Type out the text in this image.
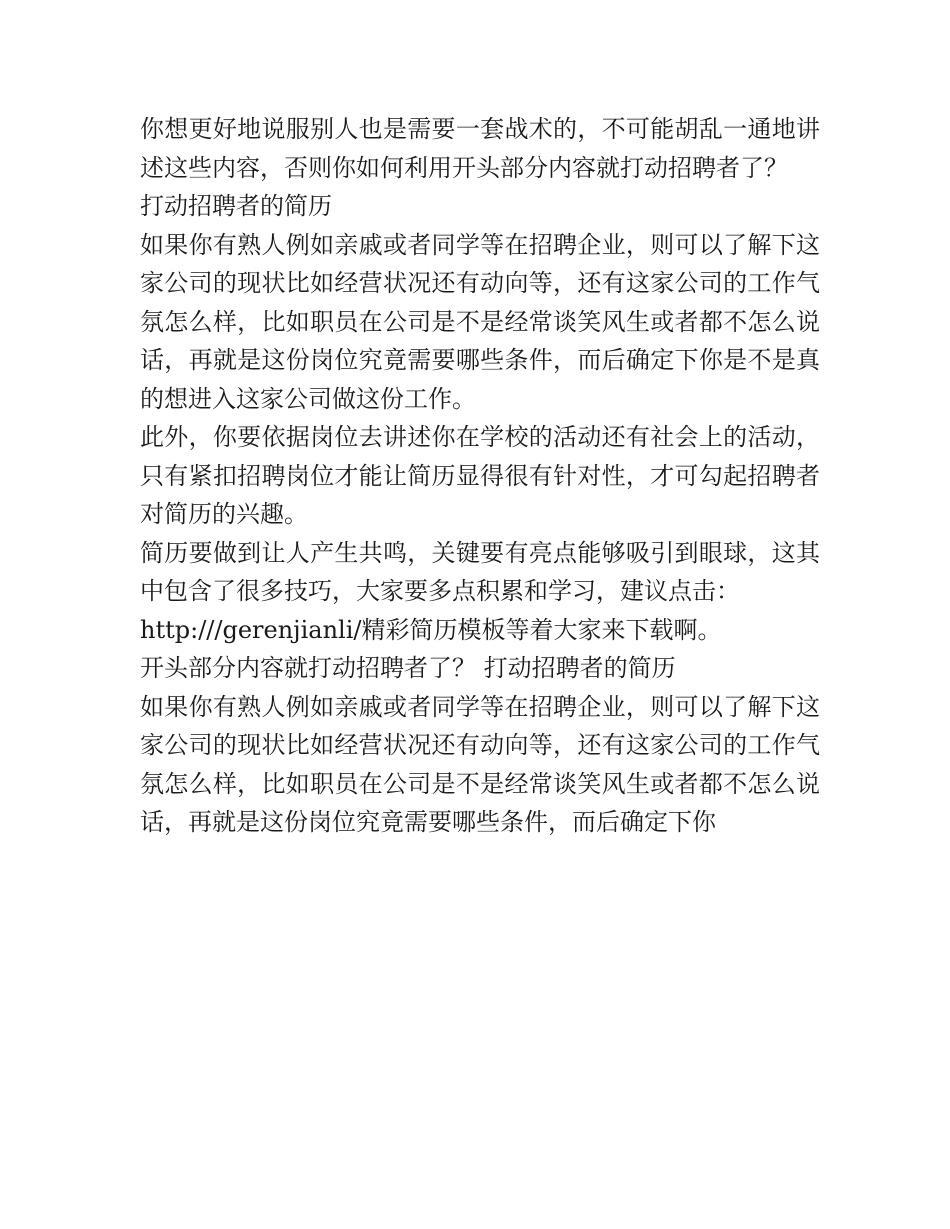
你想更好地说服别人也是需要一套战术的，不可能胡乱一通地讲述这些内容，否则你如何利用开头部分内容就打动招聘者了？

打动招聘者的简历

如果你有熟人例如亲戚或者同学等在招聘企业，则可以了解下这家公司的现状比如经营状况还有动向等，还有这家公司的工作气氛怎么样，比如职员在公司是不是经常谈笑风生或者都不怎么说话，再就是这份岗位究竟需要哪些条件，而后确定下你是不是真的想进入这家公司做这份工作。

此外，你要依据岗位去讲述你在学校的活动还有社会上的活动，只有紧扣招聘岗位才能让简历显得很有针对性，才可勾起招聘者对简历的兴趣。

简历要做到让人产生共鸣，关键要有亮点能够吸引到眼球，这其中包含了很多技巧，大家要多点积累和学习，建议点击：

http:///gerenjianli/精彩简历模板等着大家来下载啊。

开头部分内容就打动招聘者了？ 打动招聘者的简历

如果你有熟人例如亲戚或者同学等在招聘企业，则可以了解下这家公司的现状比如经营状况还有动向等，还有这家公司的工作气氛怎么样，比如职员在公司是不是经常谈笑风生或者都不怎么说话，再就是这份岗位究竟需要哪些条件，而后确定下你
